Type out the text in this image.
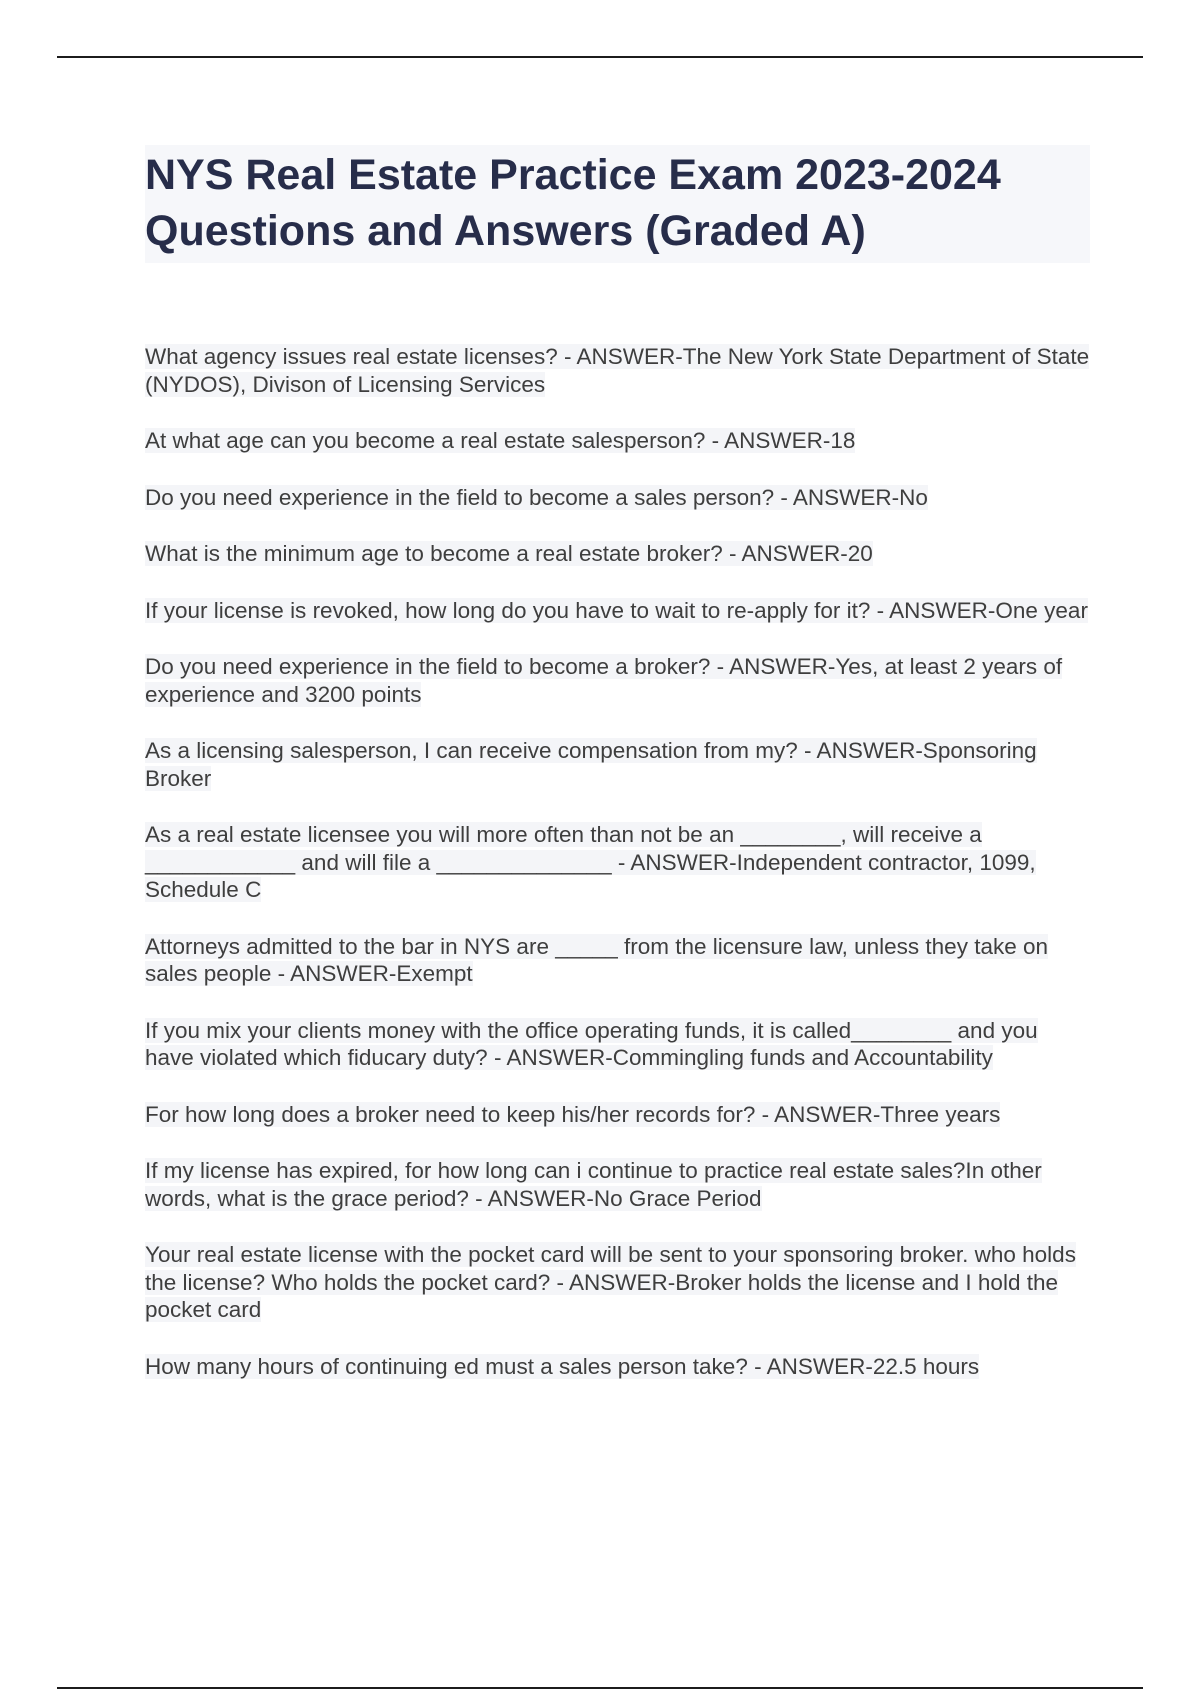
NYS Real Estate Practice Exam 2023-2024 Questions and Answers (Graded A)
What agency issues real estate licenses? - ANSWER-The New York State Department of State (NYDOS), Divison of Licensing Services
At what age can you become a real estate salesperson? - ANSWER-18
Do you need experience in the field to become a sales person? - ANSWER-No
What is the minimum age to become a real estate broker? - ANSWER-20
If your license is revoked, how long do you have to wait to re-apply for it? - ANSWER-One year
Do you need experience in the field to become a broker? - ANSWER-Yes, at least 2 years of experience and 3200 points
As a licensing salesperson, I can receive compensation from my? - ANSWER-Sponsoring Broker
As a real estate licensee you will more often than not be an ________, will receive a ____________ and will file a ______________ - ANSWER-Independent contractor, 1099, Schedule C
Attorneys admitted to the bar in NYS are _____ from the licensure law, unless they take on sales people - ANSWER-Exempt
If you mix your clients money with the office operating funds, it is called________ and you have violated which fiducary duty? - ANSWER-Commingling funds and Accountability
For how long does a broker need to keep his/her records for? - ANSWER-Three years
If my license has expired, for how long can i continue to practice real estate sales?In other words, what is the grace period? - ANSWER-No Grace Period
Your real estate license with the pocket card will be sent to your sponsoring broker. who holds the license? Who holds the pocket card? - ANSWER-Broker holds the license and I hold the pocket card
How many hours of continuing ed must a sales person take? - ANSWER-22.5 hours
